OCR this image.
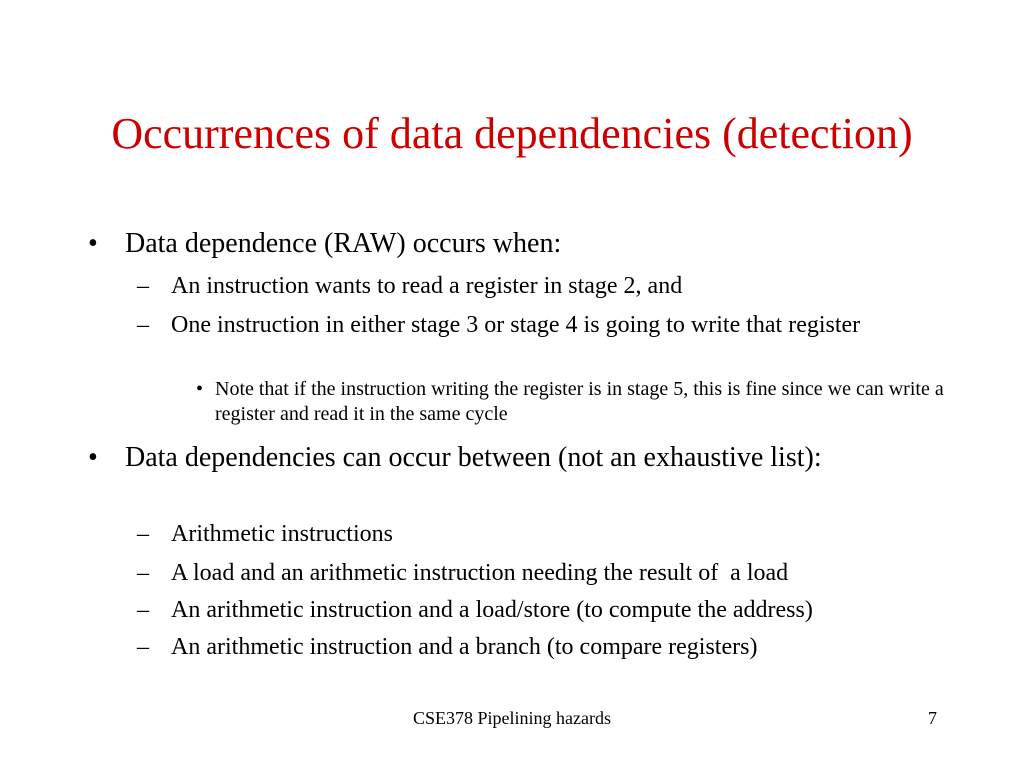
Occurrences of data dependencies (detection)
• Data dependence (RAW) occurs when:
– An instruction wants to read a register in stage 2, and
– One instruction in either stage 3 or stage 4 is going to write that register
• Note that if the instruction writing the register is in stage 5, this is fine since we can write a register and read it in the same cycle
• Data dependencies can occur between (not an exhaustive list):
– Arithmetic instructions
– A load and an arithmetic instruction needing the result of  a load
– An arithmetic instruction and a load/store (to compute the address)
– An arithmetic instruction and a branch (to compare registers)
CSE378 Pipelining hazards	7
